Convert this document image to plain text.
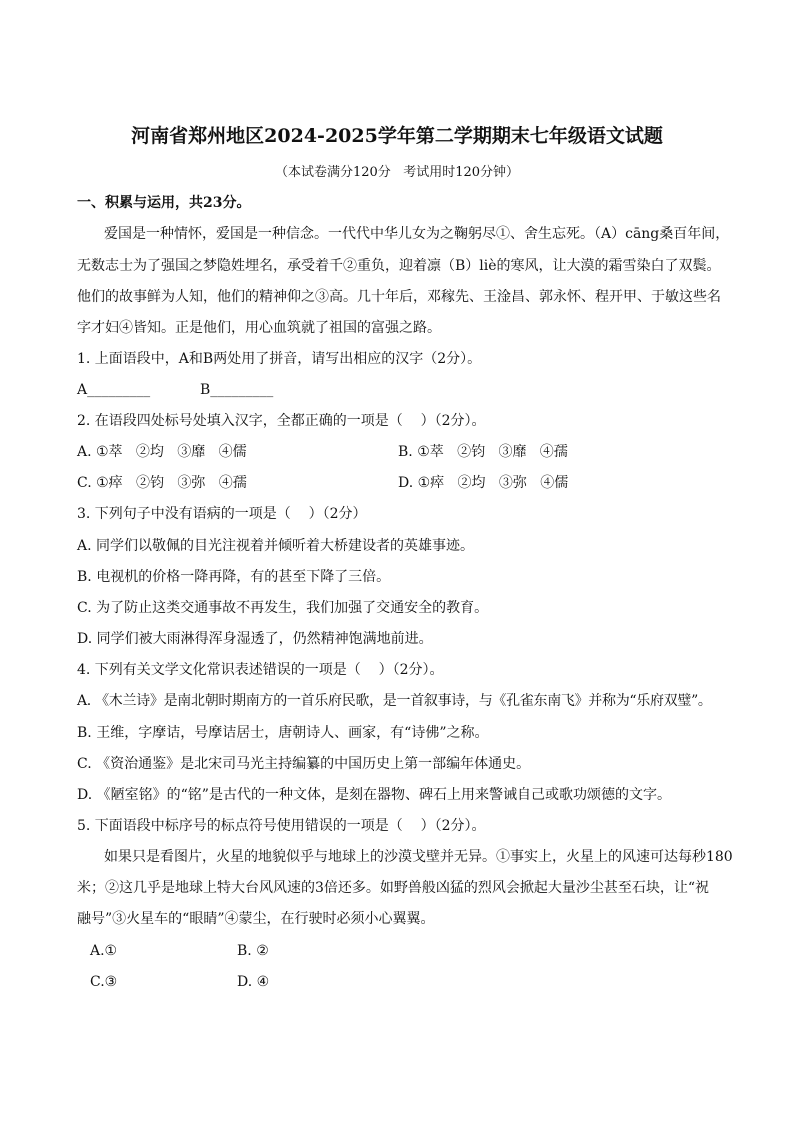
河南省郑州地区2024-2025学年第二学期期末七年级语文试题
（本试卷满分120分   考试用时120分钟）
一、积累与运用，共23分。
爱国是一种情怀，爱国是一种信念。一代代中华儿女为之鞠躬尽①、舍生忘死。（A）cāng桑百年间，
无数志士为了强国之梦隐姓埋名，承受着千②重负，迎着凛（B）liè的寒风，让大漠的霜雪染白了双鬓。
他们的故事鲜为人知，他们的精神仰之③高。几十年后，邓稼先、王淦昌、郭永怀、程开甲、于敏这些名
字才妇④皆知。正是他们，用心血筑就了祖国的富强之路。
1. 上面语段中，A和B两处用了拼音，请写出相应的汉字（2分）。
A_________	B_________
2. 在语段四处标号处填入汉字，全都正确的一项是（    ）（2分）。
A. ①萃   ②均   ③靡   ④儒	B. ①萃   ②钧   ③靡   ④孺
C. ①瘁   ②钧   ③弥   ④孺	D. ①瘁   ②均   ③弥   ④儒
3. 下列句子中没有语病的一项是（    ）（2分）
A. 同学们以敬佩的目光注视着并倾听着大桥建设者的英雄事迹。
B. 电视机的价格一降再降，有的甚至下降了三倍。
C. 为了防止这类交通事故不再发生，我们加强了交通安全的教育。
D. 同学们被大雨淋得浑身湿透了，仍然精神饱满地前进。
4. 下列有关文学文化常识表述错误的一项是（    ）（2分）。
A. 《木兰诗》是南北朝时期南方的一首乐府民歌，是一首叙事诗，与《孔雀东南飞》并称为“乐府双璧”。
B. 王维，字摩诘，号摩诘居士，唐朝诗人、画家，有“诗佛”之称。
C. 《资治通鉴》是北宋司马光主持编纂的中国历史上第一部编年体通史。
D. 《陋室铭》的“铭”是古代的一种文体，是刻在器物、碑石上用来警诫自己或歌功颂德的文字。
5. 下面语段中标序号的标点符号使用错误的一项是（    ）（2分）。
如果只是看图片，火星的地貌似乎与地球上的沙漠戈壁并无异。①事实上，火星上的风速可达每秒180
米；②这几乎是地球上特大台风风速的3倍还多。如野兽般凶猛的烈风会掀起大量沙尘甚至石块，让“祝
融号”③火星车的“眼睛”④蒙尘，在行驶时必须小心翼翼。
A.①	B. ②
C.③	D. ④
